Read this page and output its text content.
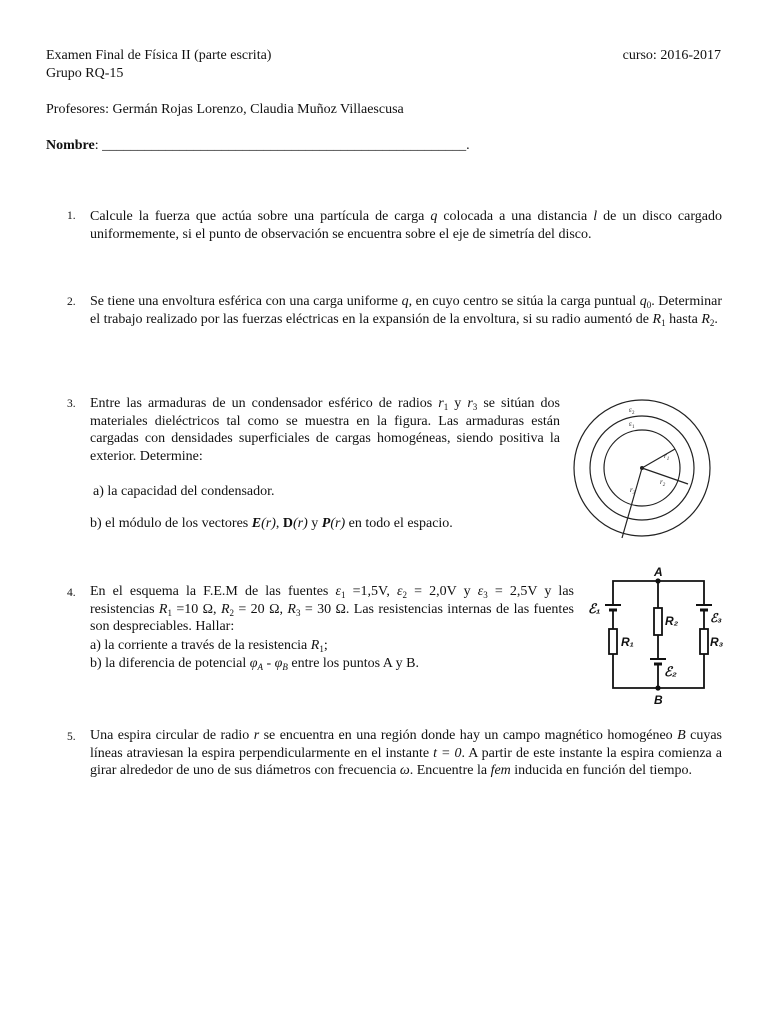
Examen Final de Física II (parte escrita)	curso: 2016-2017
Grupo RQ-15
Profesores: Germán Rojas Lorenzo, Claudia Muñoz Villaescusa
Nombre: ____________________________________________________.
1. Calcule la fuerza que actúa sobre una partícula de carga q colocada a una distancia l de un disco cargado uniformemente, si el punto de observación se encuentra sobre el eje de simetría del disco.
2. Se tiene una envoltura esférica con una carga uniforme q, en cuyo centro se sitúa la carga puntual $q_0$. Determinar el trabajo realizado por las fuerzas eléctricas en la expansión de la envoltura, si su radio aumentó de $R_1$ hasta $R_2$.
3. Entre las armaduras de un condensador esférico de radios $r_1$ y $r_3$ se sitúan dos materiales dieléctricos tal como se muestra en la figura. Las armaduras están cargadas con densidades superficiales de cargas homogéneas, siendo positiva la exterior. Determine:
a) la capacidad del condensador.
b) el módulo de los vectores E(r), D(r) y P(r) en todo el espacio.
$\varepsilon_2$
$\varepsilon_1$
$r_1$
$r_2$
$r_3$
4. En el esquema la F.E.M de las fuentes $\varepsilon_1 =1,5V$, $\varepsilon_2 = 2,0V$ y $\varepsilon_3 = 2,5V$ y las resistencias $R_1 =10$ Ω, $R_2 = 20$ Ω, $R_3 = 30$ Ω. Las resistencias internas de las fuentes son despreciables. Hallar:
a) la corriente a través de la resistencia $R_1$;
b) la diferencia de potencial $\varphi_A - \varphi_B$ entre los puntos A y B.
A
B
ℰ₁
R₁
R₂
ℰ₂
ℰ₃
R₃
5. Una espira circular de radio r se encuentra en una región donde hay un campo magnético homogéneo B cuyas líneas atraviesan la espira perpendicularmente en el instante t = 0. A partir de este instante la espira comienza a girar alrededor de uno de sus diámetros con frecuencia ω. Encuentre la fem inducida en función del tiempo.
